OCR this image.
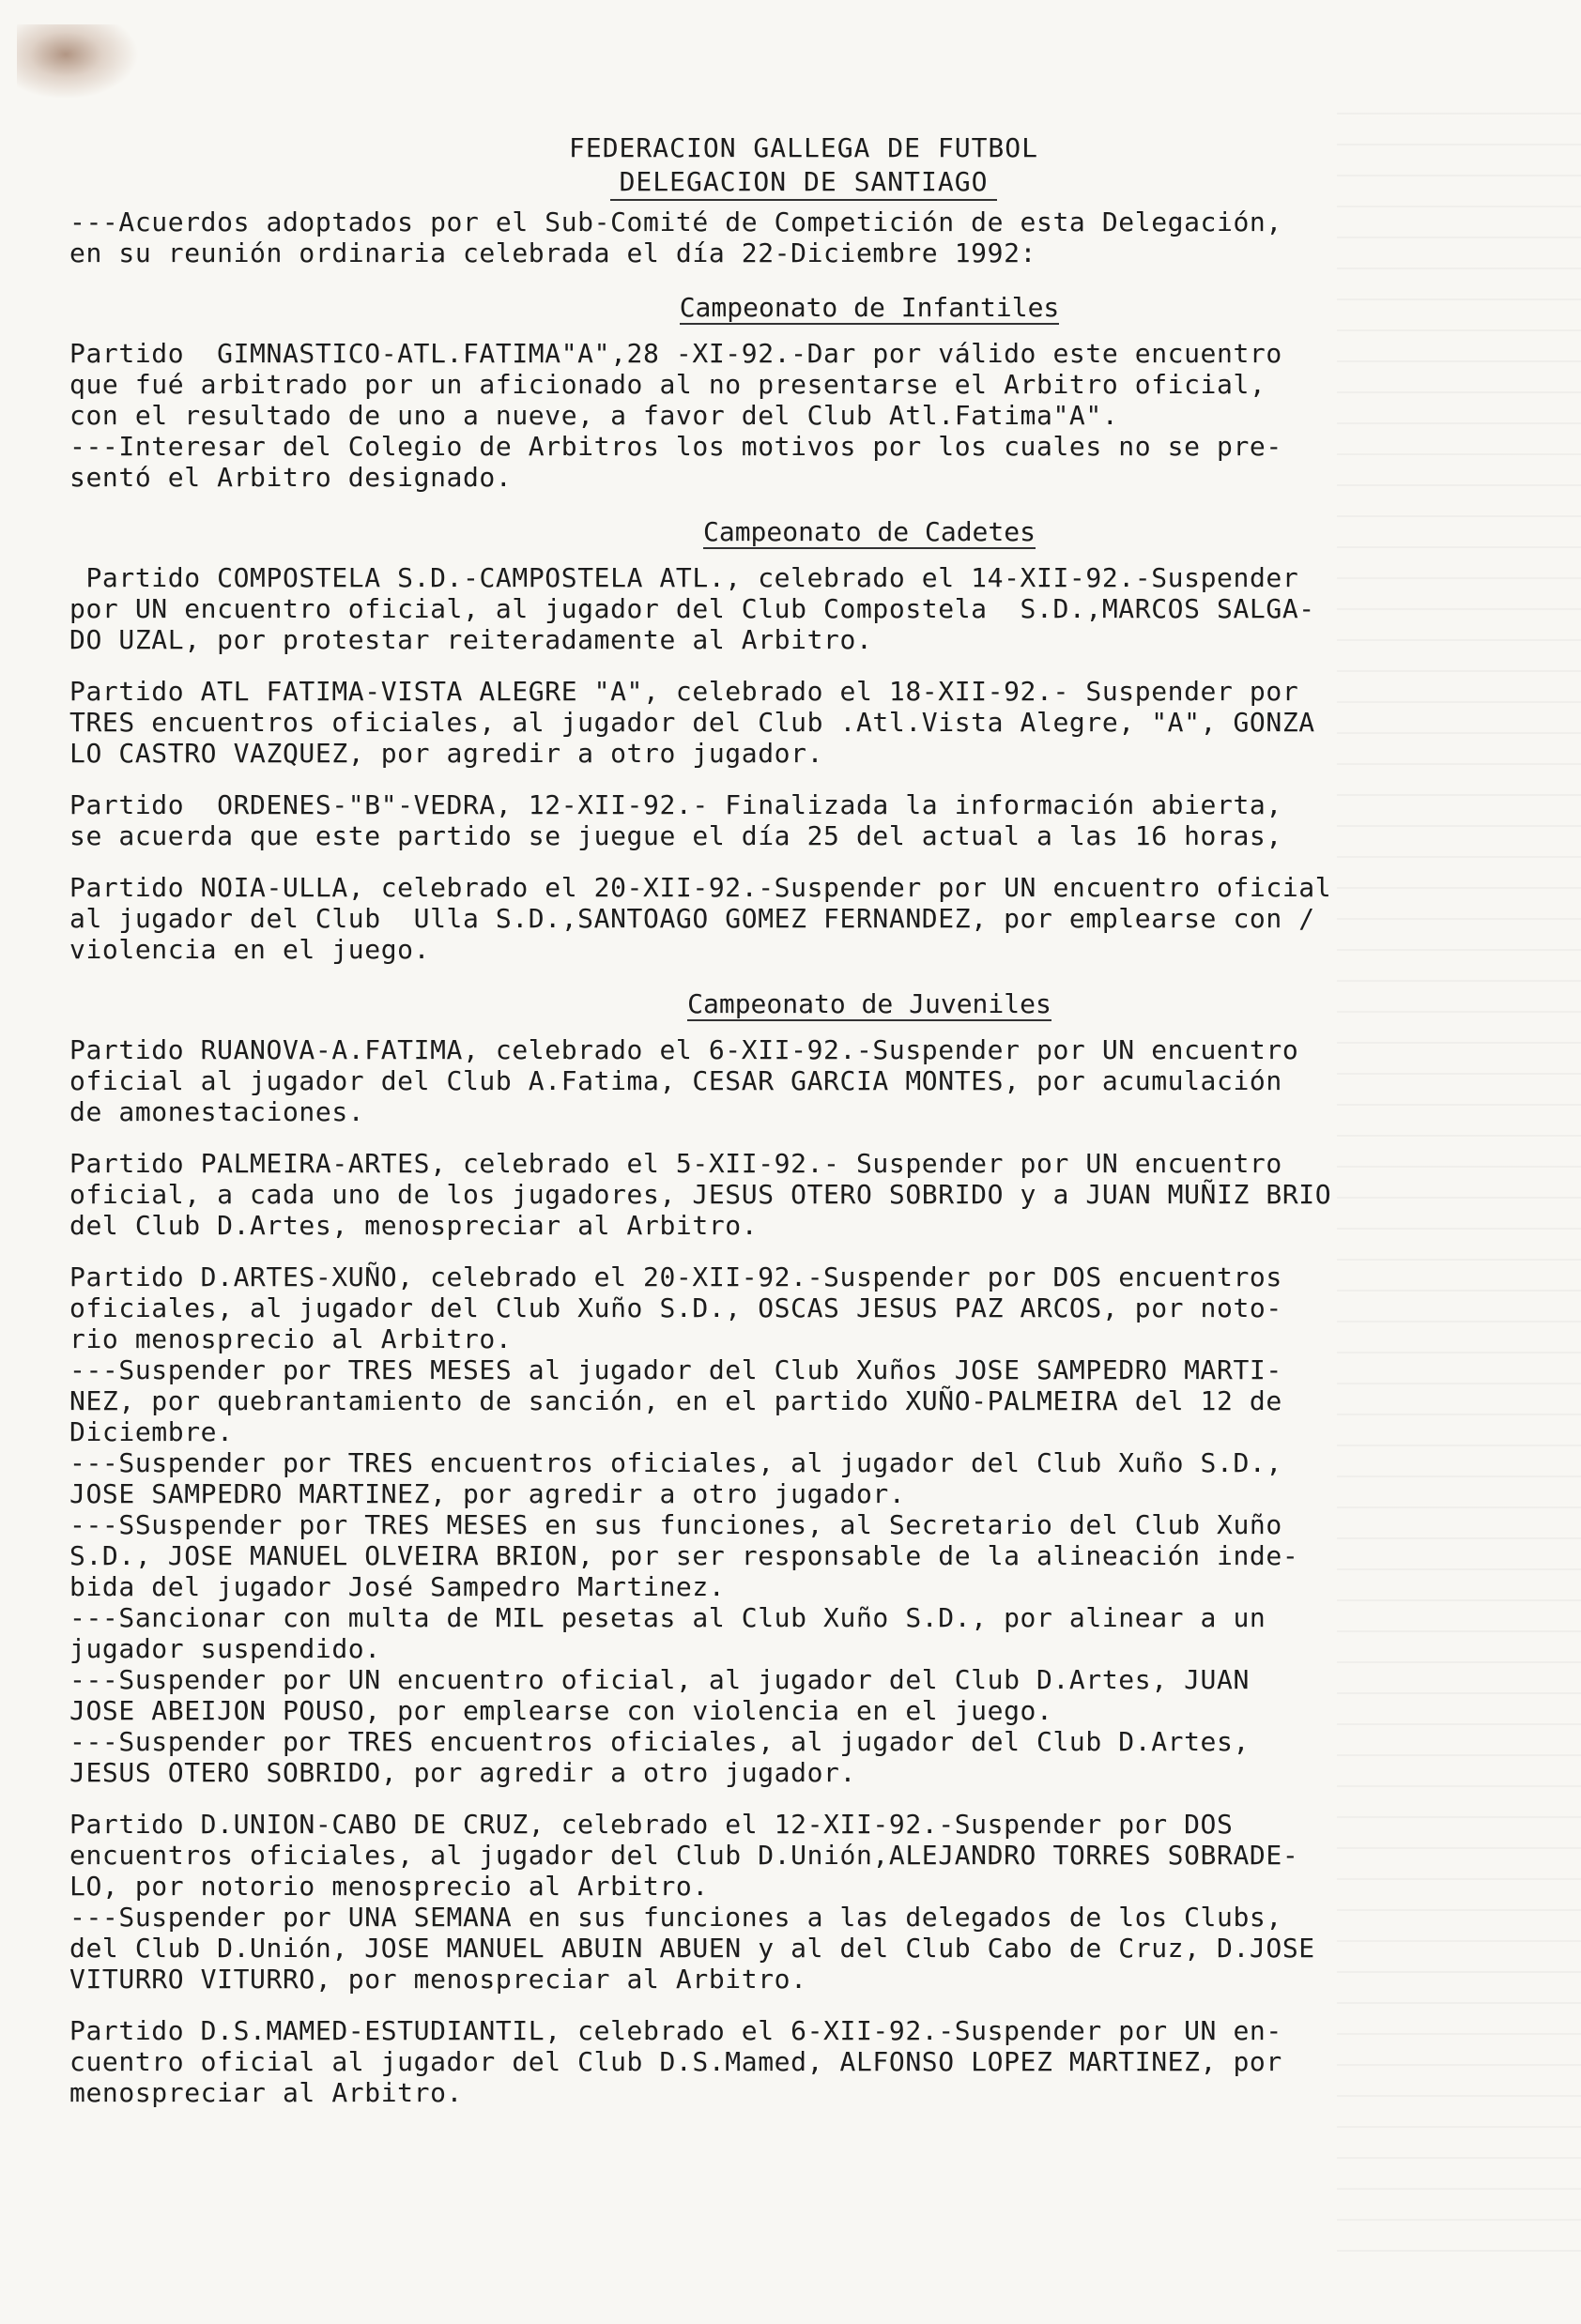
FEDERACION GALLEGA DE FUTBOL
DELEGACION DE SANTIAGO

---Acuerdos adoptados por el Sub-Comité de Competición de esta Delegación,
en su reunión ordinaria celebrada el día 22-Diciembre 1992:

Campeonato de Infantiles

Partido  GIMNASTICO-ATL.FATIMA"A",28 -XI-92.-Dar por válido este encuentro
que fué arbitrado por un aficionado al no presentarse el Arbitro oficial,
con el resultado de uno a nueve, a favor del Club Atl.Fatima"A".
---Interesar del Colegio de Arbitros los motivos por los cuales no se pre-
sentó el Arbitro designado.

Campeonato de Cadetes

Partido COMPOSTELA S.D.-CAMPOSTELA ATL., celebrado el 14-XII-92.-Suspender
por UN encuentro oficial, al jugador del Club Compostela  S.D.,MARCOS SALGA-
DO UZAL, por protestar reiteradamente al Arbitro.

Partido ATL FATIMA-VISTA ALEGRE "A", celebrado el 18-XII-92.- Suspender por
TRES encuentros oficiales, al jugador del Club .Atl.Vista Alegre, "A", GONZA
LO CASTRO VAZQUEZ, por agredir a otro jugador.

Partido  ORDENES-"B"-VEDRA, 12-XII-92.- Finalizada la información abierta,
se acuerda que este partido se juegue el día 25 del actual a las 16 horas,

Partido NOIA-ULLA, celebrado el 20-XII-92.-Suspender por UN encuentro oficial
al jugador del Club  Ulla S.D.,SANTOAGO GOMEZ FERNANDEZ, por emplearse con /
violencia en el juego.

Campeonato de Juveniles

Partido RUANOVA-A.FATIMA, celebrado el 6-XII-92.-Suspender por UN encuentro
oficial al jugador del Club A.Fatima, CESAR GARCIA MONTES, por acumulación
de amonestaciones.

Partido PALMEIRA-ARTES, celebrado el 5-XII-92.- Suspender por UN encuentro
oficial, a cada uno de los jugadores, JESUS OTERO SOBRIDO y a JUAN MUÑIZ BRIO
del Club D.Artes, menospreciar al Arbitro.

Partido D.ARTES-XUÑO, celebrado el 20-XII-92.-Suspender por DOS encuentros
oficiales, al jugador del Club Xuño S.D., OSCAS JESUS PAZ ARCOS, por noto-
rio menosprecio al Arbitro.
---Suspender por TRES MESES al jugador del Club Xuños JOSE SAMPEDRO MARTI-
NEZ, por quebrantamiento de sanción, en el partido XUÑO-PALMEIRA del 12 de
Diciembre.
---Suspender por TRES encuentros oficiales, al jugador del Club Xuño S.D.,
JOSE SAMPEDRO MARTINEZ, por agredir a otro jugador.
---SSuspender por TRES MESES en sus funciones, al Secretario del Club Xuño
S.D., JOSE MANUEL OLVEIRA BRION, por ser responsable de la alineación inde-
bida del jugador José Sampedro Martinez.
---Sancionar con multa de MIL pesetas al Club Xuño S.D., por alinear a un
jugador suspendido.
---Suspender por UN encuentro oficial, al jugador del Club D.Artes, JUAN
JOSE ABEIJON POUSO, por emplearse con violencia en el juego.
---Suspender por TRES encuentros oficiales, al jugador del Club D.Artes,
JESUS OTERO SOBRIDO, por agredir a otro jugador.

Partido D.UNION-CABO DE CRUZ, celebrado el 12-XII-92.-Suspender por DOS
encuentros oficiales, al jugador del Club D.Unión,ALEJANDRO TORRES SOBRADE-
LO, por notorio menosprecio al Arbitro.
---Suspender por UNA SEMANA en sus funciones a las delegados de los Clubs,
del Club D.Unión, JOSE MANUEL ABUIN ABUEN y al del Club Cabo de Cruz, D.JOSE
VITURRO VITURRO, por menospreciar al Arbitro.

Partido D.S.MAMED-ESTUDIANTIL, celebrado el 6-XII-92.-Suspender por UN en-
cuentro oficial al jugador del Club D.S.Mamed, ALFONSO LOPEZ MARTINEZ, por
menospreciar al Arbitro.
